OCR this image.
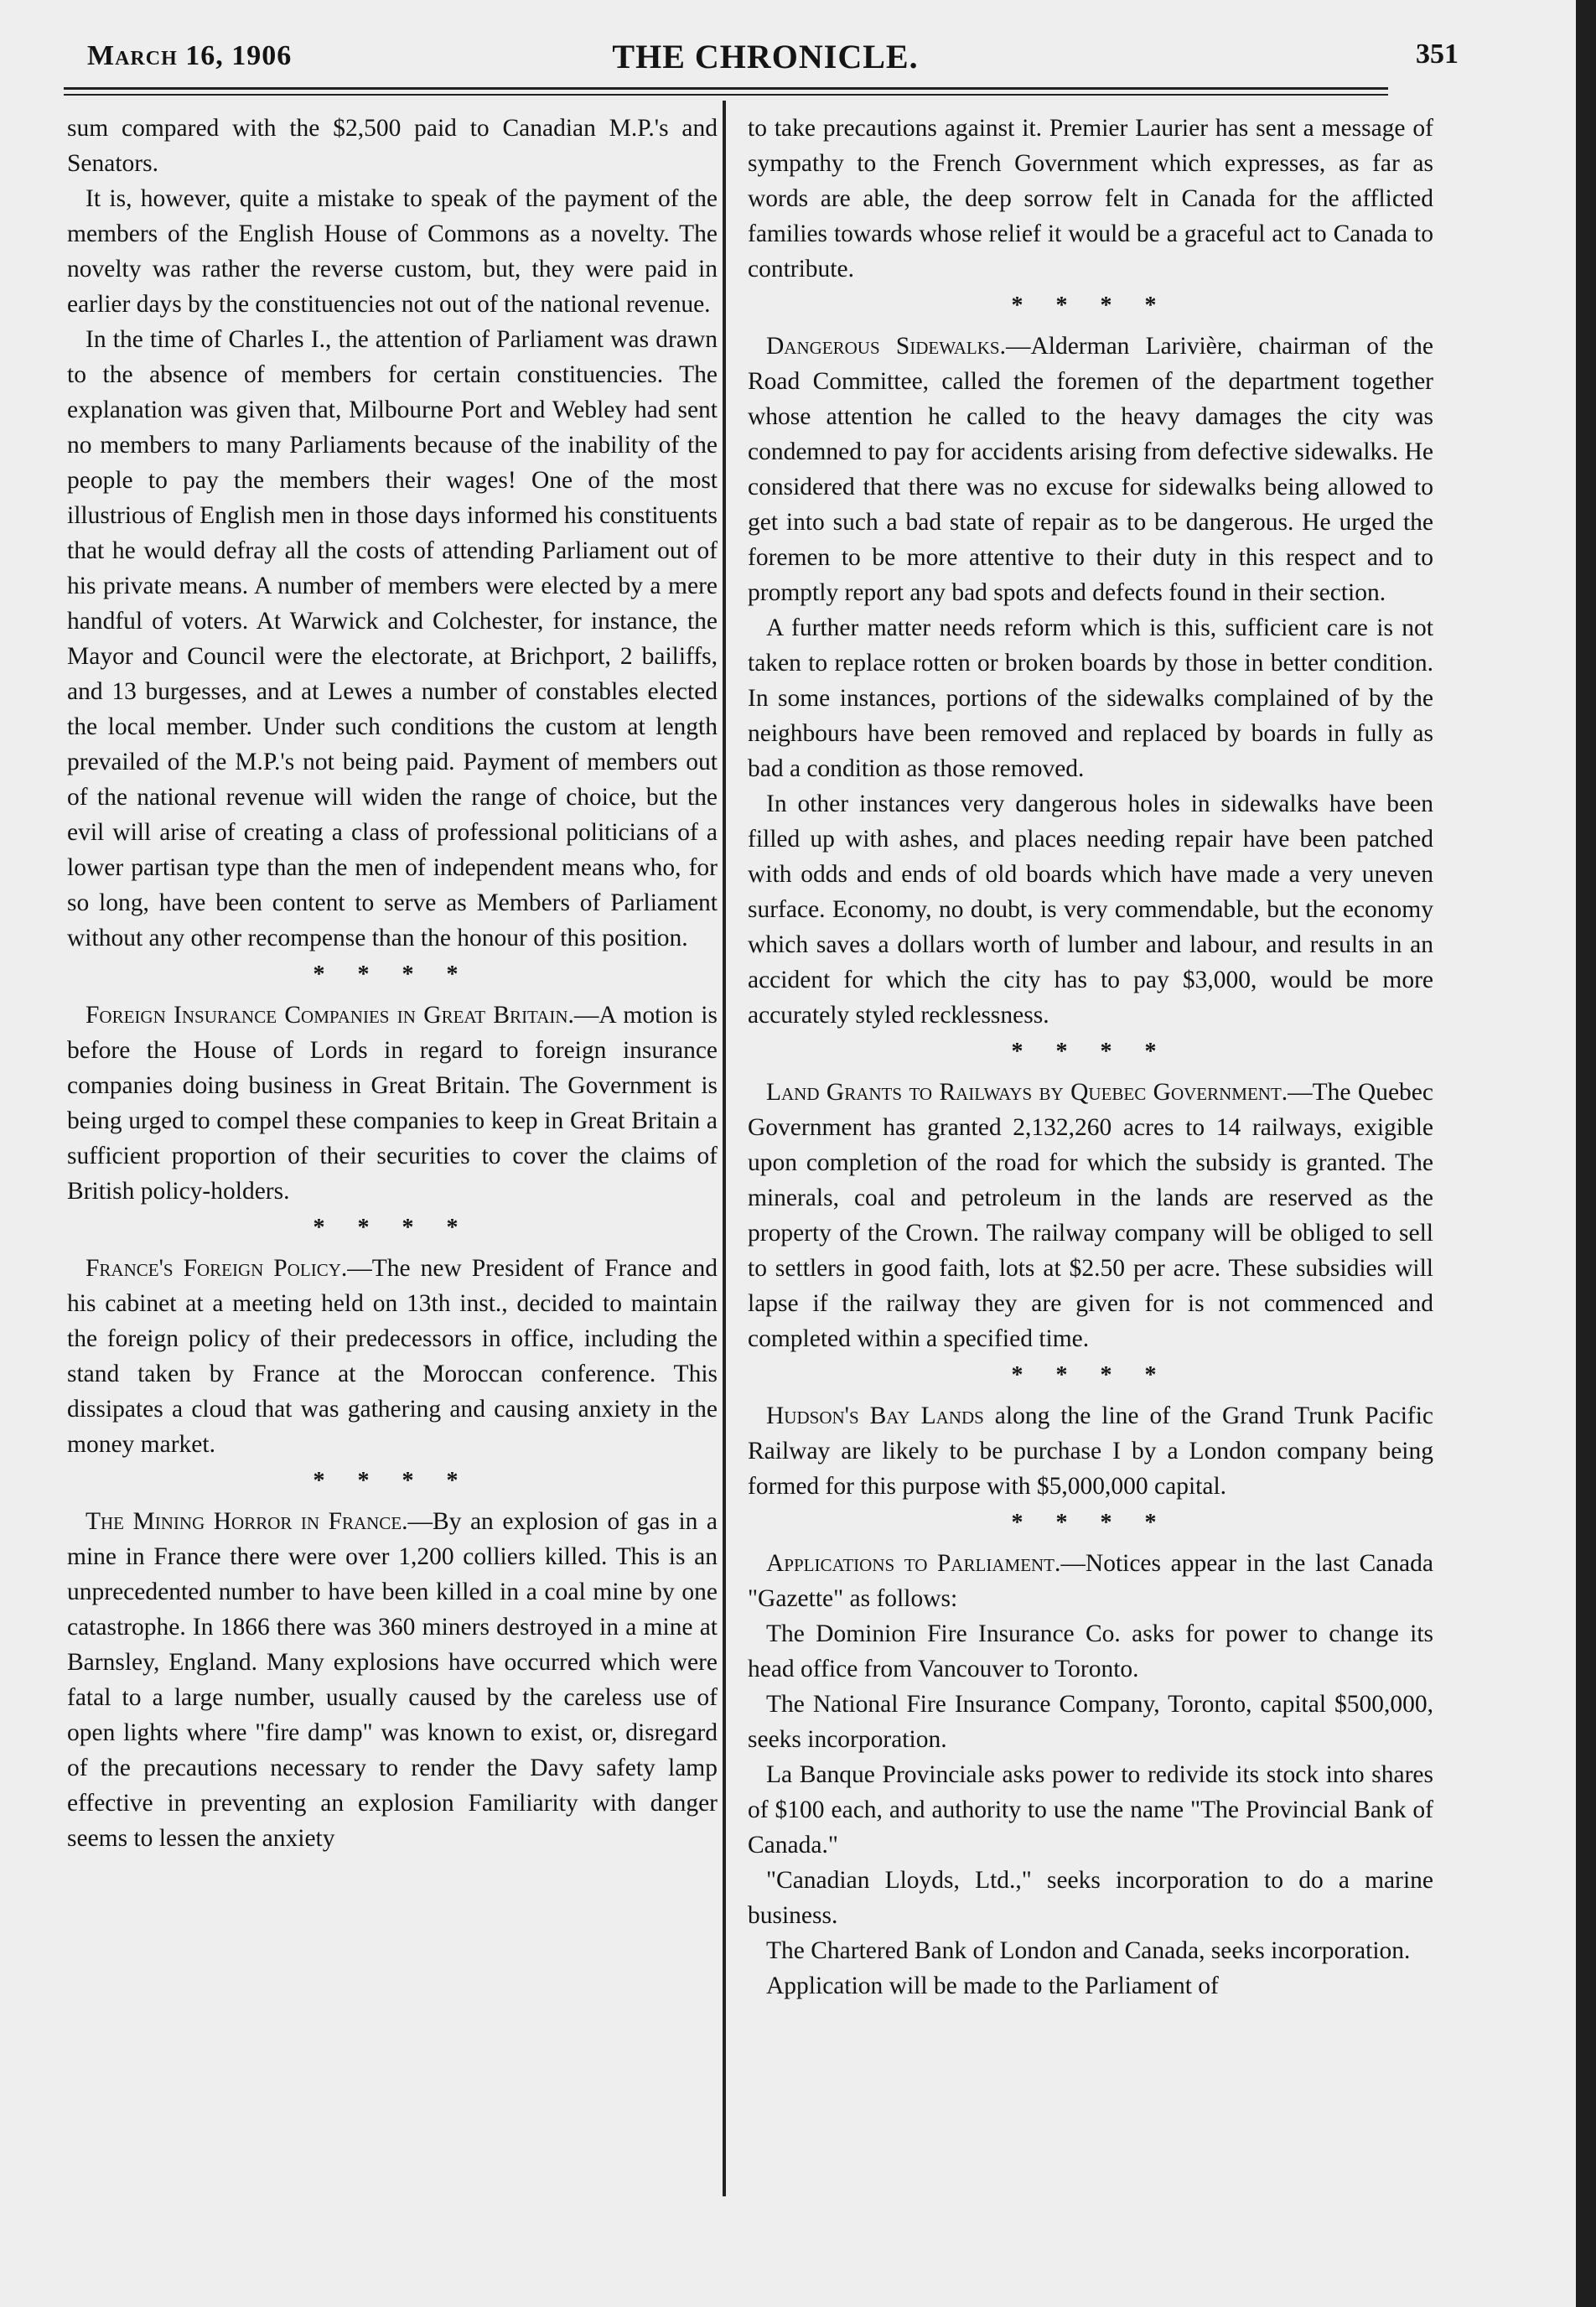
March 16, 1906	THE CHRONICLE.	351

sum compared with the $2,500 paid to Canadian M.P.'s and Senators.

It is, however, quite a mistake to speak of the payment of the members of the English House of Commons as a novelty. The novelty was rather the reverse custom, but, they were paid in earlier days by the constituencies not out of the national revenue.

In the time of Charles I., the attention of Parliament was drawn to the absence of members for certain constituencies. The explanation was given that, Milbourne Port and Webley had sent no members to many Parliaments because of the inability of the people to pay the members their wages! One of the most illustrious of English men in those days informed his constituents that he would defray all the costs of attending Parliament out of his private means. A number of members were elected by a mere handful of voters. At Warwick and Colchester, for instance, the Mayor and Council were the electorate, at Brichport, 2 bailiffs, and 13 burgesses, and at Lewes a number of constables elected the local member. Under such conditions the custom at length prevailed of the M.P.'s not being paid. Payment of members out of the national revenue will widen the range of choice, but the evil will arise of creating a class of professional politicians of a lower partisan type than the men of independent means who, for so long, have been content to serve as Members of Parliament without any other recompense than the honour of this position.

* * * *

Foreign Insurance Companies in Great Britain.—A motion is before the House of Lords in regard to foreign insurance companies doing business in Great Britain. The Government is being urged to compel these companies to keep in Great Britain a sufficient proportion of their securities to cover the claims of British policy-holders.

* * * *

France's Foreign Policy.—The new President of France and his cabinet at a meeting held on 13th inst., decided to maintain the foreign policy of their predecessors in office, including the stand taken by France at the Moroccan conference. This dissipates a cloud that was gathering and causing anxiety in the money market.

* * * *

The Mining Horror in France.—By an explosion of gas in a mine in France there were over 1,200 colliers killed. This is an unprecedented number to have been killed in a coal mine by one catastrophe. In 1866 there was 360 miners destroyed in a mine at Barnsley, England. Many explosions have occurred which were fatal to a large number, usually caused by the careless use of open lights where "fire damp" was known to exist, or, disregard of the precautions necessary to render the Davy safety lamp effective in preventing an explosion Familiarity with danger seems to lessen the anxiety

to take precautions against it. Premier Laurier has sent a message of sympathy to the French Government which expresses, as far as words are able, the deep sorrow felt in Canada for the afflicted families towards whose relief it would be a graceful act to Canada to contribute.

* * * *

Dangerous Sidewalks.—Alderman Larivière, chairman of the Road Committee, called the foremen of the department together whose attention he called to the heavy damages the city was condemned to pay for accidents arising from defective sidewalks. He considered that there was no excuse for sidewalks being allowed to get into such a bad state of repair as to be dangerous. He urged the foremen to be more attentive to their duty in this respect and to promptly report any bad spots and defects found in their section.

A further matter needs reform which is this, sufficient care is not taken to replace rotten or broken boards by those in better condition. In some instances, portions of the sidewalks complained of by the neighbours have been removed and replaced by boards in fully as bad a condition as those removed.

In other instances very dangerous holes in sidewalks have been filled up with ashes, and places needing repair have been patched with odds and ends of old boards which have made a very uneven surface. Economy, no doubt, is very commendable, but the economy which saves a dollars worth of lumber and labour, and results in an accident for which the city has to pay $3,000, would be more accurately styled recklessness.

* * * *

Land Grants to Railways by Quebec Government.—The Quebec Government has granted 2,132,260 acres to 14 railways, exigible upon completion of the road for which the subsidy is granted. The minerals, coal and petroleum in the lands are reserved as the property of the Crown. The railway company will be obliged to sell to settlers in good faith, lots at $2.50 per acre. These subsidies will lapse if the railway they are given for is not commenced and completed within a specified time.

* * * *

Hudson's Bay Lands along the line of the Grand Trunk Pacific Railway are likely to be purchase I by a London company being formed for this purpose with $5,000,000 capital.

* * * *

Applications to Parliament.—Notices appear in the last Canada "Gazette" as follows:

The Dominion Fire Insurance Co. asks for power to change its head office from Vancouver to Toronto.

The National Fire Insurance Company, Toronto, capital $500,000, seeks incorporation.

La Banque Provinciale asks power to redivide its stock into shares of $100 each, and authority to use the name "The Provincial Bank of Canada."

"Canadian Lloyds, Ltd.," seeks incorporation to do a marine business.

The Chartered Bank of London and Canada, seeks incorporation.

Application will be made to the Parliament of
